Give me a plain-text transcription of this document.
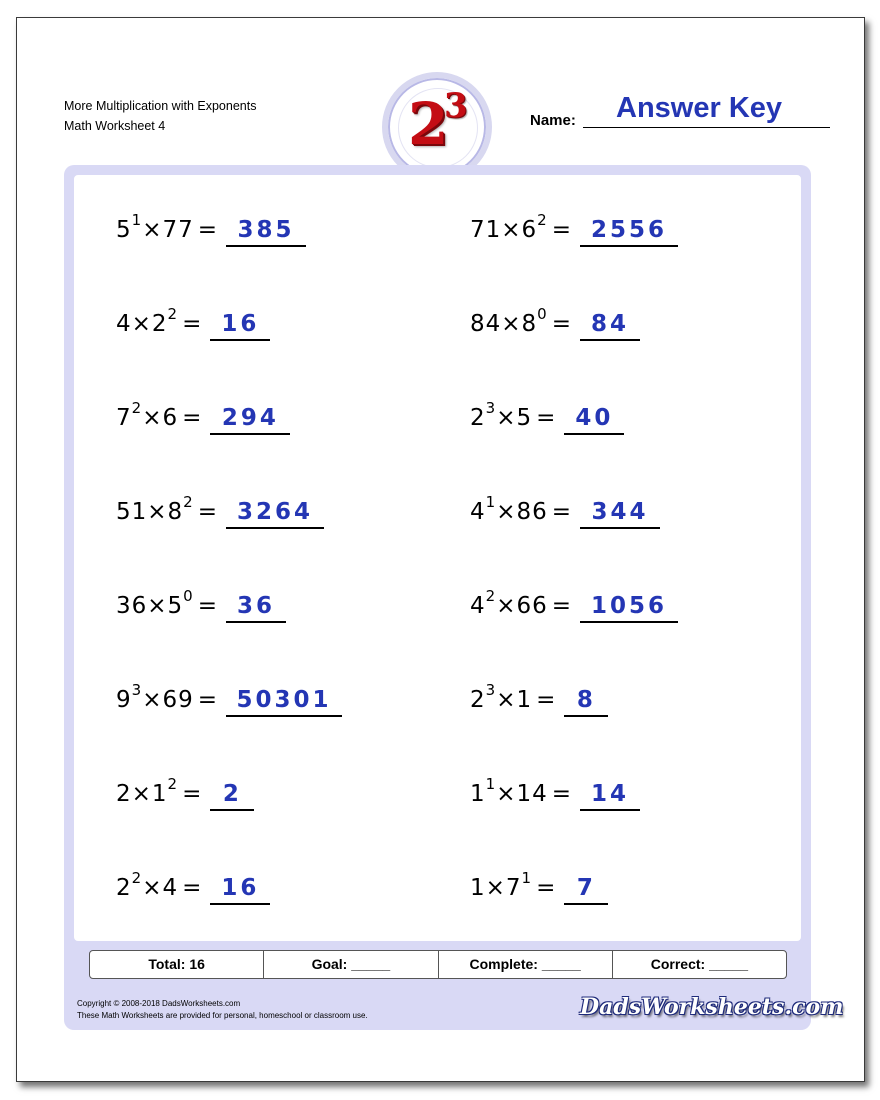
More Multiplication with Exponents
Math Worksheet 4	2
3	Name: Answer Key
$5^1\times 77 = 385$	$71\times 6^2 = 2556$
$4\times 2^2 = 16$	$84\times 8^0 = 84$
$7^2\times 6 = 294$	$2^3\times 5 = 40$
$51\times 8^2 = 3264$	$4^1\times 86 = 344$
$36\times 5^0 = 36$	$4^2\times 66 = 1056$
$9^3\times 69 = 50301$	$2^3\times 1 = 8$
$2\times 1^2 = 2$	$1^1\times 14 = 14$
$2^2\times 4 = 16$	$1\times 7^1 = 7$
Total: 16	Goal: _____	Complete: _____	Correct: _____
Copyright © 2008-2018 DadsWorksheets.com
These Math Worksheets are provided for personal, homeschool or classroom use.	DadsWorksheets.com
